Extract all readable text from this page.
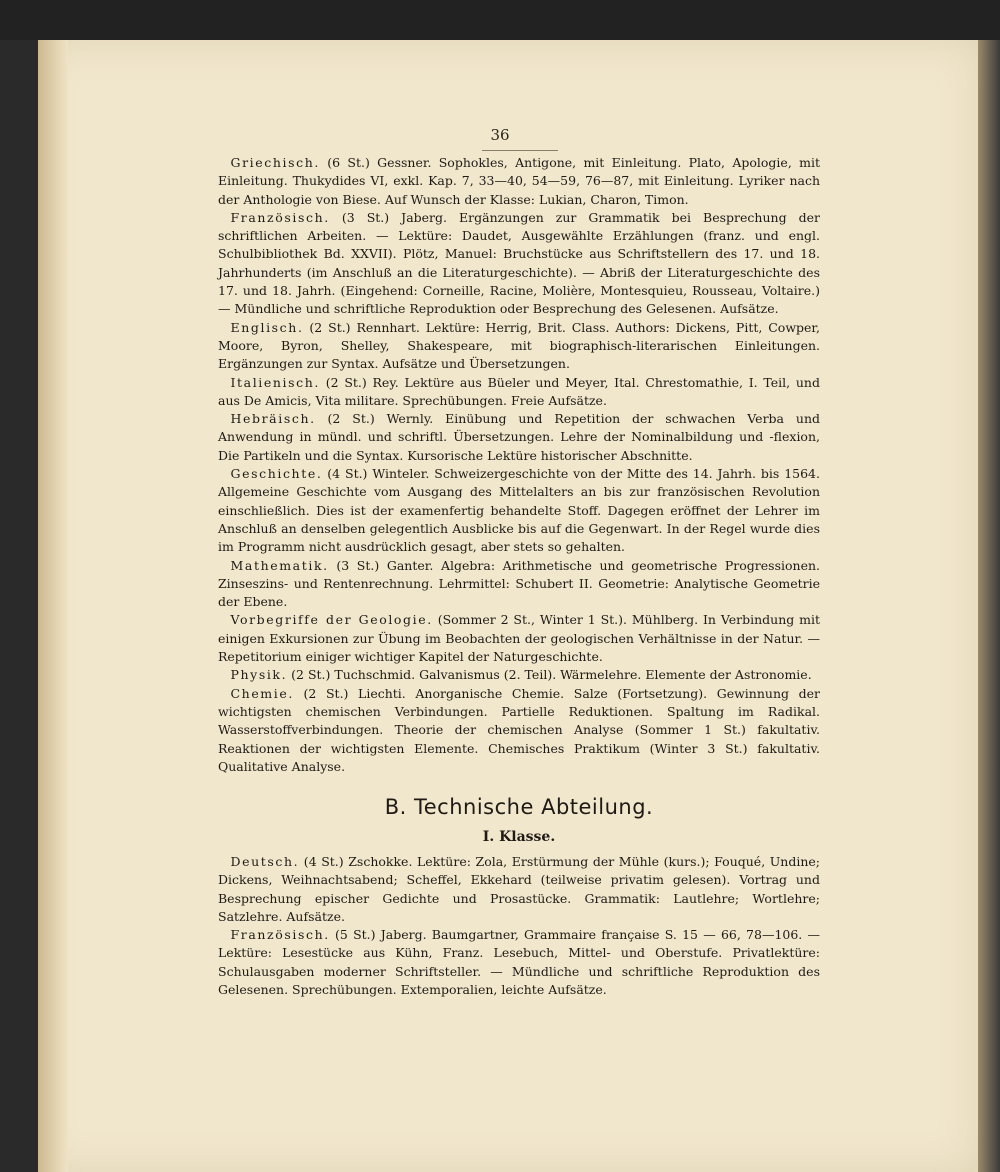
36

 Griechisch. (6 St.) Gessner. Sophokles, Antigone, mit Einleitung. Plato, Apologie, mit Einleitung. Thukydides VI, exkl. Kap. 7, 33—40, 54—59, 76—87, mit Einleitung. Lyriker nach der Anthologie von Biese. Auf Wunsch der Klasse: Lukian, Charon, Timon.

 Französisch. (3 St.) Jaberg. Ergänzungen zur Grammatik bei Besprechung der schriftlichen Arbeiten. — Lektüre: Daudet, Ausgewählte Erzählungen (franz. und engl. Schulbibliothek Bd. XXVII). Plötz, Manuel: Bruchstücke aus Schriftstellern des 17. und 18. Jahrhunderts (im Anschluß an die Literaturgeschichte). — Abriß der Literaturgeschichte des 17. und 18. Jahrh. (Eingehend: Corneille, Racine, Molière, Montesquieu, Rousseau, Voltaire.) — Mündliche und schriftliche Reproduktion oder Besprechung des Gelesenen. Aufsätze.

 Englisch. (2 St.) Rennhart. Lektüre: Herrig, Brit. Class. Authors: Dickens, Pitt, Cowper, Moore, Byron, Shelley, Shakespeare, mit biographisch-literarischen Einleitungen. Ergänzungen zur Syntax. Aufsätze und Übersetzungen.

 Italienisch. (2 St.) Rey. Lektüre aus Büeler und Meyer, Ital. Chrestomathie, I. Teil, und aus De Amicis, Vita militare. Sprechübungen. Freie Aufsätze.

 Hebräisch. (2 St.) Wernly. Einübung und Repetition der schwachen Verba und Anwendung in mündl. und schriftl. Übersetzungen. Lehre der Nominalbildung und -flexion, Die Partikeln und die Syntax. Kursorische Lektüre historischer Abschnitte.

 Geschichte. (4 St.) Winteler. Schweizergeschichte von der Mitte des 14. Jahrh. bis 1564. Allgemeine Geschichte vom Ausgang des Mittelalters an bis zur französischen Revolution einschließlich. Dies ist der examenfertig behandelte Stoff. Dagegen eröffnet der Lehrer im Anschluß an denselben gelegentlich Ausblicke bis auf die Gegenwart. In der Regel wurde dies im Programm nicht ausdrücklich gesagt, aber stets so gehalten.

 Mathematik. (3 St.) Ganter. Algebra: Arithmetische und geometrische Progressionen. Zinseszins- und Rentenrechnung. Lehrmittel: Schubert II. Geometrie: Analytische Geometrie der Ebene.

 Vorbegriffe der Geologie. (Sommer 2 St., Winter 1 St.). Mühlberg. In Verbindung mit einigen Exkursionen zur Übung im Beobachten der geologischen Verhältnisse in der Natur. — Repetitorium einiger wichtiger Kapitel der Naturgeschichte.

 Physik. (2 St.) Tuchschmid. Galvanismus (2. Teil). Wärmelehre. Elemente der Astronomie.

 Chemie. (2 St.) Liechti. Anorganische Chemie. Salze (Fortsetzung). Gewinnung der wichtigsten chemischen Verbindungen. Partielle Reduktionen. Spaltung im Radikal. Wasserstoffverbindungen. Theorie der chemischen Analyse (Sommer 1 St.) fakultativ. Reaktionen der wichtigsten Elemente. Chemisches Praktikum (Winter 3 St.) fakultativ. Qualitative Analyse.

B. Technische Abteilung.
I. Klasse.

 Deutsch. (4 St.) Zschokke. Lektüre: Zola, Erstürmung der Mühle (kurs.); Fouqué, Undine; Dickens, Weihnachtsabend; Scheffel, Ekkehard (teilweise privatim gelesen). Vortrag und Besprechung epischer Gedichte und Prosastücke. Grammatik: Lautlehre; Wortlehre; Satzlehre. Aufsätze.

 Französisch. (5 St.) Jaberg. Baumgartner, Grammaire française S. 15 — 66, 78—106. — Lektüre: Lesestücke aus Kühn, Franz. Lesebuch, Mittel- und Oberstufe. Privatlektüre: Schulausgaben moderner Schriftsteller. — Mündliche und schriftliche Reproduktion des Gelesenen. Sprechübungen. Extemporalien, leichte Aufsätze.
